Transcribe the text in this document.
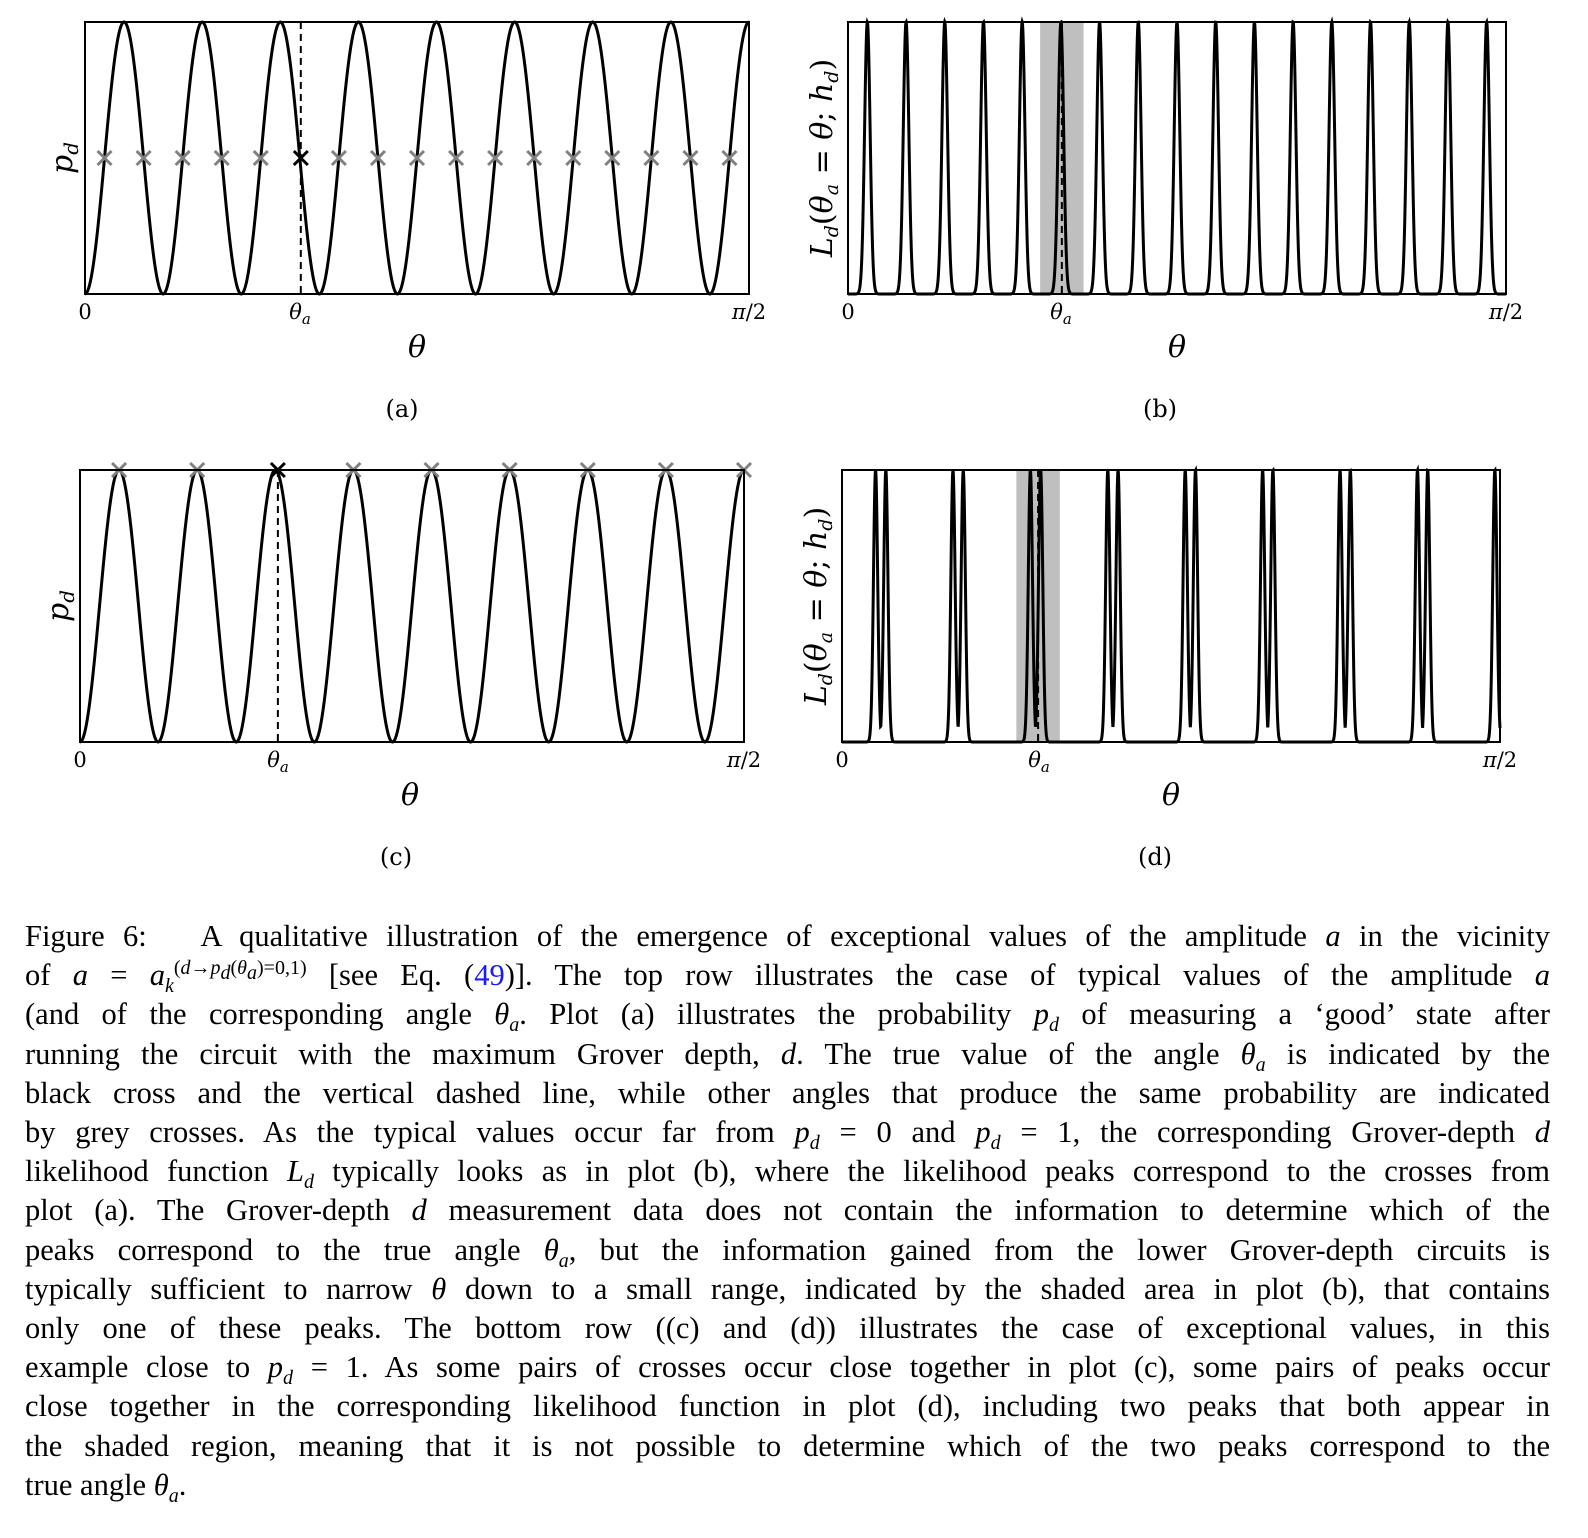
0	$\theta_a$	π/2
θ
$p_d$
(a)
0	$\theta_a$	π/2
θ
$L_d(\theta_a = \theta$; $h_d$)
(b)
0	$\theta_a$	π/2
θ
$p_d$
(c)
0	$\theta_a$	π/2
θ
$L_d(\theta_a = \theta$; $h_d$)
(d)
Figure 6:   A qualitative illustration of the emergence of exceptional values of the amplitude a in the vicinity
of $a = a_k^{(d\to p_d(\theta_a)=0,1)}$ [see Eq. (49)]. The top row illustrates the case of typical values of the amplitude a
(and of the corresponding angle $\theta_a$. Plot (a) illustrates the probability $p_d$ of measuring a ‘good’ state after
running the circuit with the maximum Grover depth, d. The true value of the angle $\theta_a$ is indicated by the
black cross and the vertical dashed line, while other angles that produce the same probability are indicated
by grey crosses. As the typical values occur far from $p_d = 0$ and $p_d = 1$, the corresponding Grover-depth d
likelihood function $L_d$ typically looks as in plot (b), where the likelihood peaks correspond to the crosses from
plot (a). The Grover-depth d measurement data does not contain the information to determine which of the
peaks correspond to the true angle $\theta_a$, but the information gained from the lower Grover-depth circuits is
typically sufficient to narrow θ down to a small range, indicated by the shaded area in plot (b), that contains
only one of these peaks. The bottom row ((c) and (d)) illustrates the case of exceptional values, in this
example close to $p_d = 1$. As some pairs of crosses occur close together in plot (c), some pairs of peaks occur
close together in the corresponding likelihood function in plot (d), including two peaks that both appear in
the shaded region, meaning that it is not possible to determine which of the two peaks correspond to the
true angle $\theta_a$.
